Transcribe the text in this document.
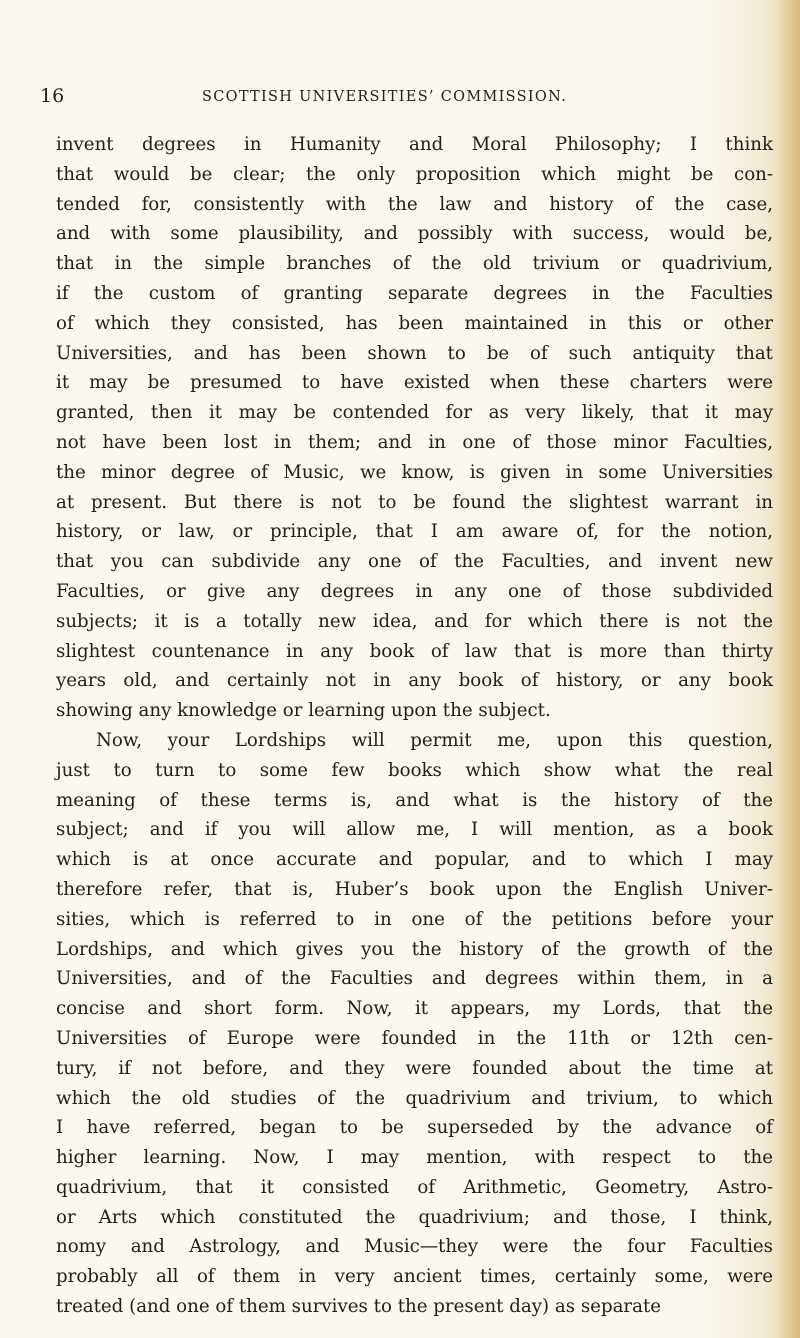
16	SCOTTISH UNIVERSITIES’ COMMISSION.
invent degrees in Humanity and Moral Philosophy; I think
that would be clear; the only proposition which might be con-
tended for, consistently with the law and history of the case,
and with some plausibility, and possibly with success, would be,
that in the simple branches of the old trivium or quadrivium,
if the custom of granting separate degrees in the Faculties
of which they consisted, has been maintained in this or other
Universities, and has been shown to be of such antiquity that
it may be presumed to have existed when these charters were
granted, then it may be contended for as very likely, that it may
not have been lost in them; and in one of those minor Faculties,
the minor degree of Music, we know, is given in some Universities
at present. But there is not to be found the slightest warrant in
history, or law, or principle, that I am aware of, for the notion,
that you can subdivide any one of the Faculties, and invent new
Faculties, or give any degrees in any one of those subdivided
subjects; it is a totally new idea, and for which there is not the
slightest countenance in any book of law that is more than thirty
years old, and certainly not in any book of history, or any book
showing any knowledge or learning upon the subject.
Now, your Lordships will permit me, upon this question,
just to turn to some few books which show what the real
meaning of these terms is, and what is the history of the
subject; and if you will allow me, I will mention, as a book
which is at once accurate and popular, and to which I may
therefore refer, that is, Huber’s book upon the English Univer-
sities, which is referred to in one of the petitions before your
Lordships, and which gives you the history of the growth of the
Universities, and of the Faculties and degrees within them, in a
concise and short form. Now, it appears, my Lords, that the
Universities of Europe were founded in the 11th or 12th cen-
tury, if not before, and they were founded about the time at
which the old studies of the quadrivium and trivium, to which
I have referred, began to be superseded by the advance of
higher learning. Now, I may mention, with respect to the
quadrivium, that it consisted of Arithmetic, Geometry, Astro-
or Arts which constituted the quadrivium; and those, I think,
nomy and Astrology, and Music—they were the four Faculties
probably all of them in very ancient times, certainly some, were
treated (and one of them survives to the present day) as separate
